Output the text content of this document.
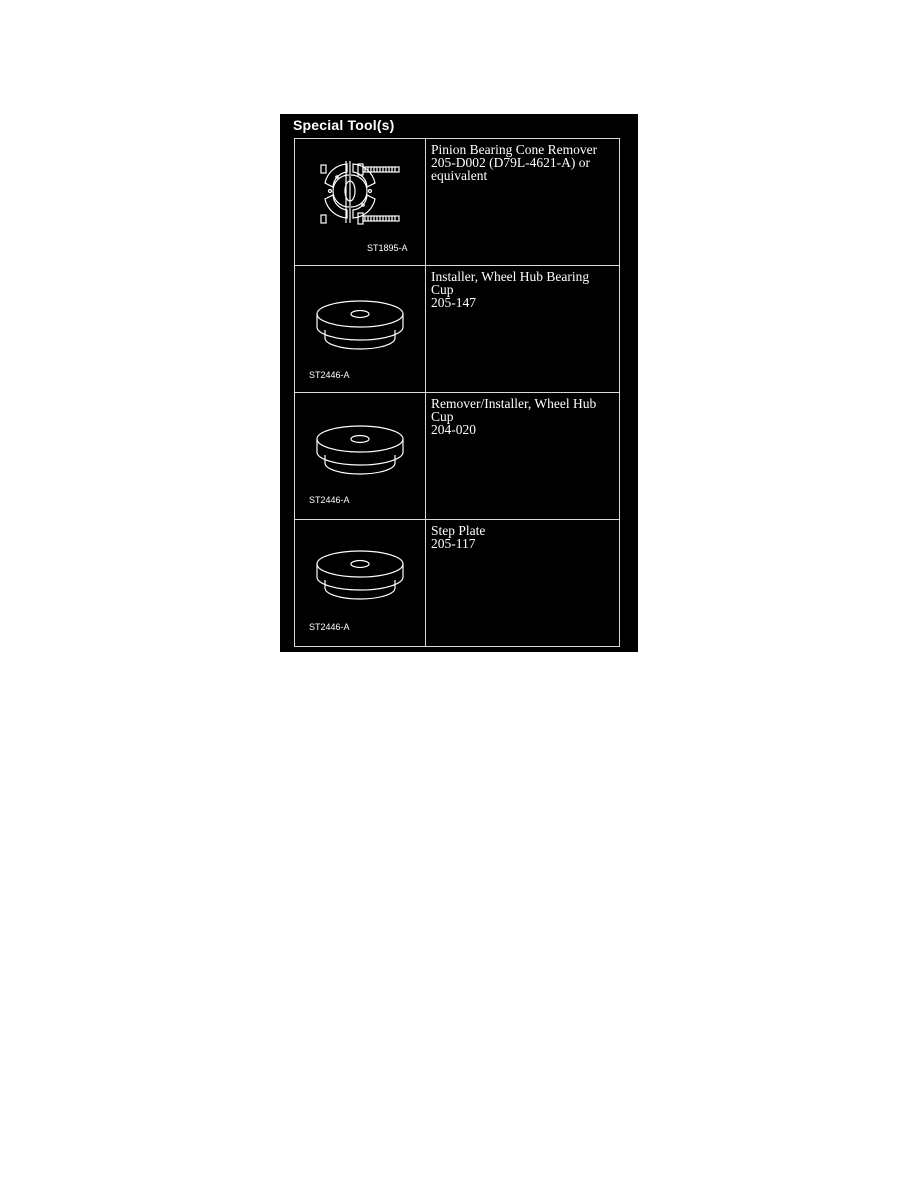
Special Tool(s)
ST1895-A	Pinion Bearing Cone Remover
205-D002 (D79L-4621-A) or
equivalent

ST2446-A	Installer, Wheel Hub Bearing
Cup
205-147

ST2446-A	Remover/Installer, Wheel Hub
Cup
204-020

ST2446-A	Step Plate
205-117
